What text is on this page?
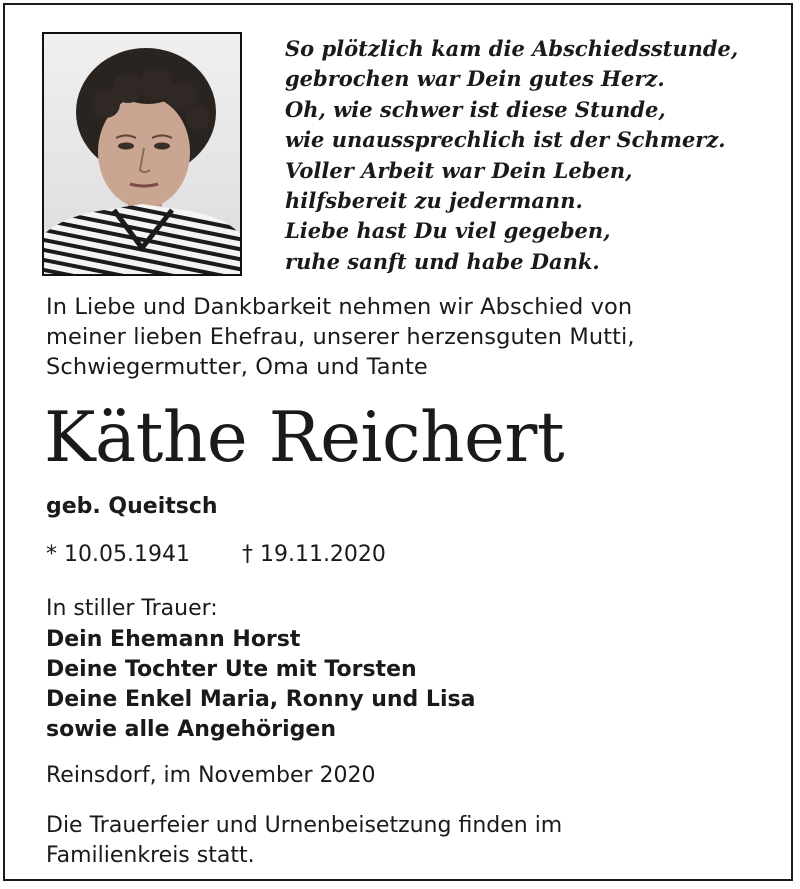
So plötzlich kam die Abschiedsstunde,
gebrochen war Dein gutes Herz.
Oh, wie schwer ist diese Stunde,
wie unaussprechlich ist der Schmerz.
Voller Arbeit war Dein Leben,
hilfsbereit zu jedermann.
Liebe hast Du viel gegeben,
ruhe sanft und habe Dank.
In Liebe und Dankbarkeit nehmen wir Abschied von
meiner lieben Ehefrau, unserer herzensguten Mutti,
Schwiegermutter, Oma und Tante
Käthe Reichert
geb. Queitsch
* 10.05.1941 † 19.11.2020
In stiller Trauer:
Dein Ehemann Horst
Deine Tochter Ute mit Torsten
Deine Enkel Maria, Ronny und Lisa
sowie alle Angehörigen
Reinsdorf, im November 2020
Die Trauerfeier und Urnenbeisetzung finden im
Familienkreis statt.
